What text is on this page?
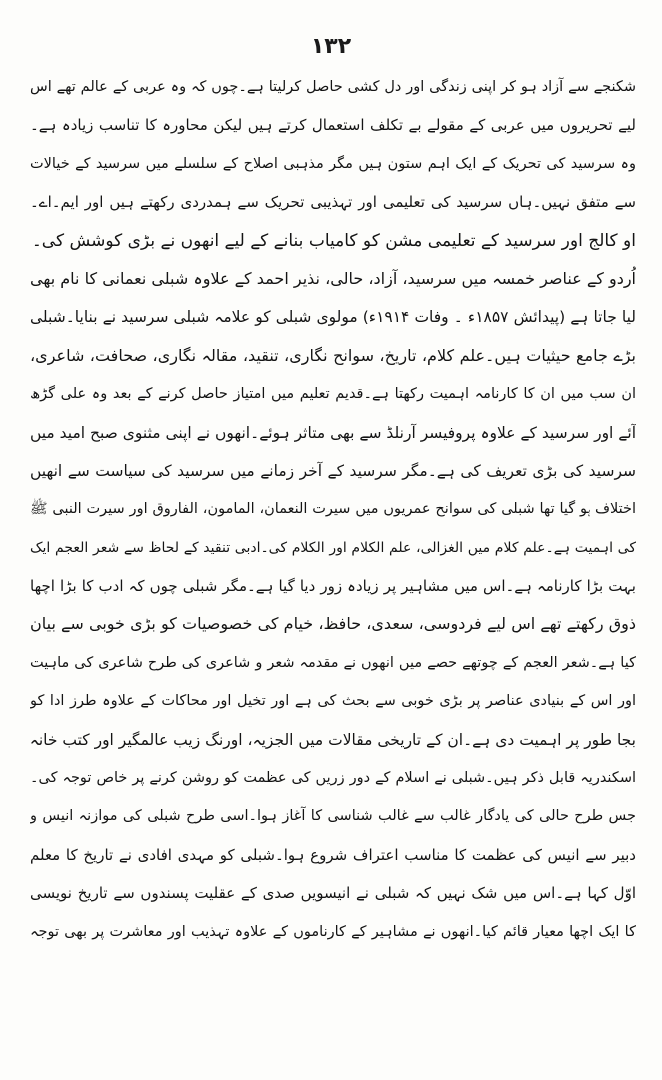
۱۳۲
شکنجے سے آزاد ہو کر اپنی زندگی اور دل کشی حاصل کرلیتا ہے۔چوں کہ وہ عربی کے عالم تھے اس
لیے تحریروں میں عربی کے مقولے بے تکلف استعمال کرتے ہیں لیکن محاورہ کا تناسب زیادہ ہے۔
وہ سرسید کی تحریک کے ایک اہم ستون ہیں مگر مذہبی اصلاح کے سلسلے میں سرسید کے خیالات
سے متفق نہیں۔ہاں سرسید کی تعلیمی اور تہذیبی تحریک سے ہمدردی رکھتے ہیں اور ایم۔اے۔
او کالج اور سرسید کے تعلیمی مشن کو کامیاب بنانے کے لیے انھوں نے بڑی کوشش کی۔
اُردو کے عناصر خمسہ میں سرسید، آزاد، حالی، نذیر احمد کے علاوہ شبلی نعمانی کا نام بھی
لیا جاتا ہے (پیدائش ۱۸۵۷ء ۔ وفات ۱۹۱۴ء) مولوی شبلی کو علامہ شبلی سرسید نے بنایا۔شبلی
بڑے جامع حیثیات ہیں۔علم کلام، تاریخ، سوانح نگاری، تنقید، مقالہ نگاری، صحافت، شاعری،
ان سب میں ان کا کارنامہ اہمیت رکھتا ہے۔قدیم تعلیم میں امتیاز حاصل کرنے کے بعد وہ علی گڑھ
آئے اور سرسید کے علاوہ پروفیسر آرنلڈ سے بھی متاثر ہوئے۔انھوں نے اپنی مثنوی صبح امید میں
سرسید کی بڑی تعریف کی ہے۔مگر سرسید کے آخر زمانے میں سرسید کی سیاست سے انھیں
اختلاف ہو گیا تھا شبلی کی سوانح عمریوں میں سیرت النعمان، المامون، الفاروق اور سیرت النبی ﷺ
کی اہمیت ہے۔علم کلام میں الغزالی، علم الکلام اور الکلام کی۔ادبی تنقید کے لحاظ سے شعر العجم ایک
بہت بڑا کارنامہ ہے۔اس میں مشاہیر پر زیادہ زور دیا گیا ہے۔مگر شبلی چوں کہ ادب کا بڑا اچھا
ذوق رکھتے تھے اس لیے فردوسی، سعدی، حافظ، خیام کی خصوصیات کو بڑی خوبی سے بیان
کیا ہے۔شعر العجم کے چوتھے حصے میں انھوں نے مقدمہ شعر و شاعری کی طرح شاعری کی ماہیت
اور اس کے بنیادی عناصر پر بڑی خوبی سے بحث کی ہے اور تخیل اور محاکات کے علاوہ طرز ادا کو
بجا طور پر اہمیت دی ہے۔ان کے تاریخی مقالات میں الجزیہ، اورنگ زیب عالمگیر اور کتب خانہ
اسکندریہ قابل ذکر ہیں۔شبلی نے اسلام کے دور زریں کی عظمت کو روشن کرنے پر خاص توجہ کی۔
جس طرح حالی کی یادگار غالب سے غالب شناسی کا آغاز ہوا۔اسی طرح شبلی کی موازنہ انیس و
دبیر سے انیس کی عظمت کا مناسب اعتراف شروع ہوا۔شبلی کو مہدی افادی نے تاریخ کا معلم
اوّل کہا ہے۔اس میں شک نہیں کہ شبلی نے انیسویں صدی کے عقلیت پسندوں سے تاریخ نویسی
کا ایک اچھا معیار قائم کیا۔انھوں نے مشاہیر کے کارناموں کے علاوہ تہذیب اور معاشرت پر بھی توجہ
